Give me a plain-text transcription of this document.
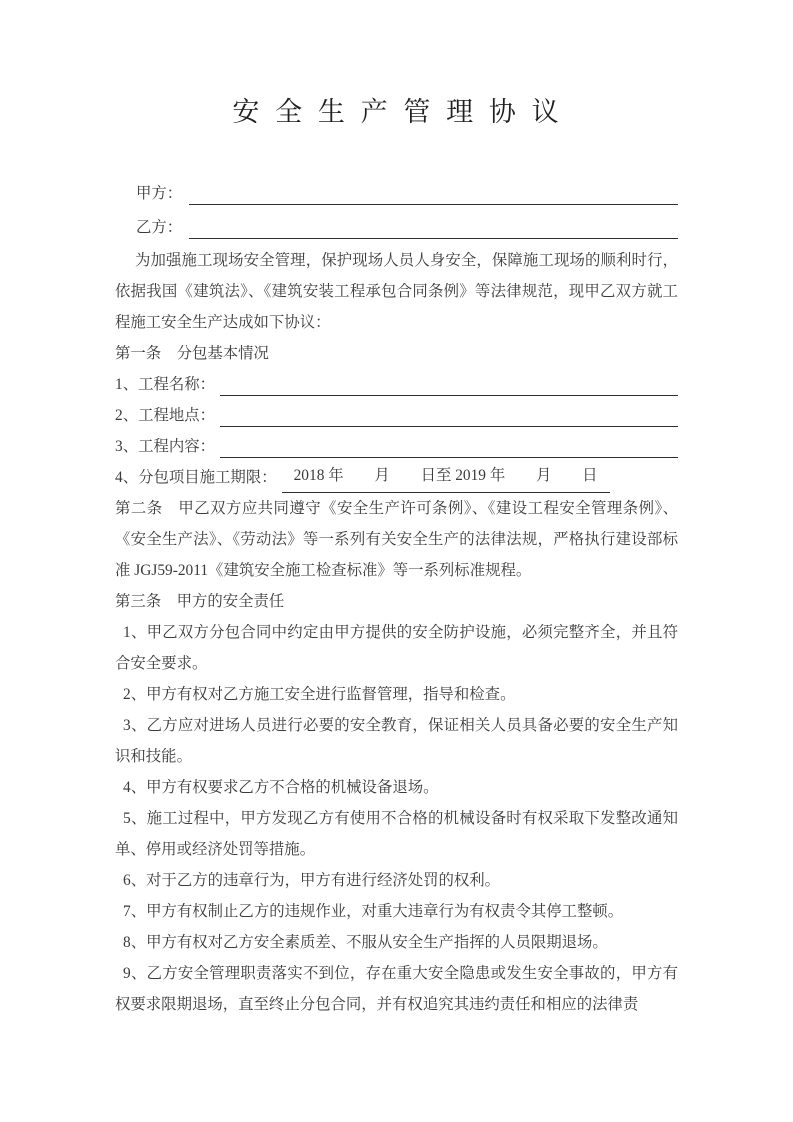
安 全 生 产 管 理 协 议
甲方：
乙方：

为加强施工现场安全管理，保护现场人员人身安全，保障施工现场的顺利时行，依据我国《建筑法》、《建筑安装工程承包合同条例》等法律规范，现甲乙双方就工程施工安全生产达成如下协议：

第一条　分包基本情况
1、工程名称：
2、工程地点：
3、工程内容：
4、分包项目施工期限：	2018 年　　月　　日至 2019 年　　月　　日

第二条　甲乙双方应共同遵守《安全生产许可条例》、《建设工程安全管理条例》、《安全生产法》、《劳动法》等一系列有关安全生产的法律法规，严格执行建设部标准 JGJ59-2011《建筑安全施工检查标准》等一系列标准规程。

第三条　甲方的安全责任

1、甲乙双方分包合同中约定由甲方提供的安全防护设施，必须完整齐全，并且符合安全要求。

2、甲方有权对乙方施工安全进行监督管理，指导和检查。

3、乙方应对进场人员进行必要的安全教育，保证相关人员具备必要的安全生产知识和技能。

4、甲方有权要求乙方不合格的机械设备退场。

5、施工过程中，甲方发现乙方有使用不合格的机械设备时有权采取下发整改通知单、停用或经济处罚等措施。

6、对于乙方的违章行为，甲方有进行经济处罚的权利。

7、甲方有权制止乙方的违规作业，对重大违章行为有权责令其停工整顿。

8、甲方有权对乙方安全素质差、不服从安全生产指挥的人员限期退场。

9、乙方安全管理职责落实不到位，存在重大安全隐患或发生安全事故的，甲方有权要求限期退场，直至终止分包合同，并有权追究其违约责任和相应的法律责
